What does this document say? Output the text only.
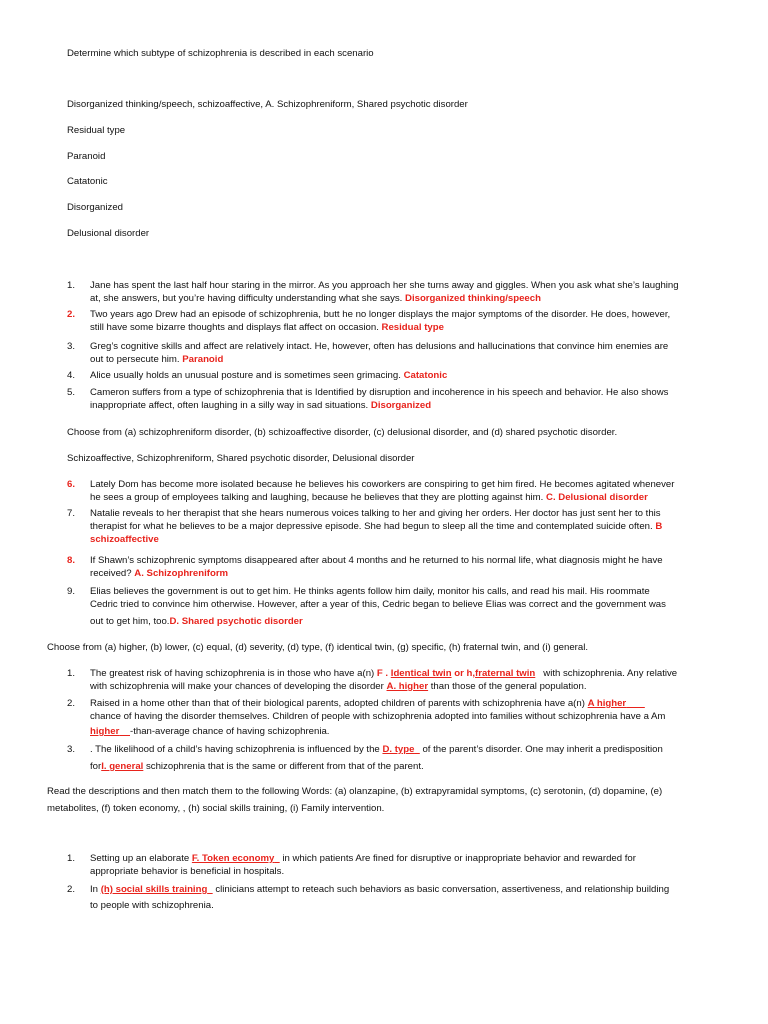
Determine which subtype of schizophrenia is described in each scenario

Disorganized thinking/speech, schizoaffective, A. Schizophreniform, Shared psychotic disorder

Residual type

Paranoid

Catatonic

Disorganized

Delusional disorder

1.	Jane has spent the last half hour staring in the mirror. As you approach her she turns away and giggles. When you ask what she’s laughing
at, she answers, but you’re having difficulty understanding what she says. Disorganized thinking/speech
2.	Two years ago Drew had an episode of schizophrenia, butt he no longer displays the major symptoms of the disorder. He does, however,
still have some bizarre thoughts and displays flat affect on occasion. Residual type
3.	Greg’s cognitive skills and affect are relatively intact. He, however, often has delusions and hallucinations that convince him enemies are
out to persecute him. Paranoid
4.	Alice usually holds an unusual posture and is sometimes seen grimacing. Catatonic
5.	Cameron suffers from a type of schizophrenia that is Identified by disruption and incoherence in his speech and behavior. He also shows
inappropriate affect, often laughing in a silly way in sad situations. Disorganized

Choose from (a) schizophreniform disorder, (b) schizoaffective disorder, (c) delusional disorder, and (d) shared psychotic disorder.

Schizoaffective, Schizophreniform, Shared psychotic disorder, Delusional disorder

6.	Lately Dom has become more isolated because he believes his coworkers are conspiring to get him fired. He becomes agitated whenever
he sees a group of employees talking and laughing, because he believes that they are plotting against him. C. Delusional disorder
7.	Natalie reveals to her therapist that she hears numerous voices talking to her and giving her orders. Her doctor has just sent her to this
therapist for what he believes to be a major depressive episode. She had begun to sleep all the time and contemplated suicide often. B
schizoaffective
8.	If Shawn’s schizophrenic symptoms disappeared after about 4 months and he returned to his normal life, what diagnosis might he have
received? A. Schizophreniform
9.	Elias believes the government is out to get him. He thinks agents follow him daily, monitor his calls, and read his mail. His roommate
Cedric tried to convince him otherwise. However, after a year of this, Cedric began to believe Elias was correct and the government was
out to get him, too.D. Shared psychotic disorder

Choose from (a) higher, (b) lower, (c) equal, (d) severity, (d) type, (f) identical twin, (g) specific, (h) fraternal twin, and (i) general.

1.	The greatest risk of having schizophrenia is in those who have a(n) F . Identical twin or h,fraternal twin with schizophrenia. Any relative
with schizophrenia will make your chances of developing the disorder A. higher than those of the general population.
2.	Raised in a home other than that of their biological parents, adopted children of parents with schizophrenia have a(n) A higher
chance of having the disorder themselves. Children of people with schizophrenia adopted into families without schizophrenia have a Am
higher -than-average chance of having schizophrenia.
3.	. The likelihood of a child’s having schizophrenia is influenced by the D. type of the parent’s disorder. One may inherit a predisposition
forI. general schizophrenia that is the same or different from that of the parent.

Read the descriptions and then match them to the following Words: (a) olanzapine, (b) extrapyramidal symptoms, (c) serotonin, (d) dopamine, (e)

metabolites, (f) token economy, , (h) social skills training, (i) Family intervention.

1.	Setting up an elaborate F. Token economy in which patients Are fined for disruptive or inappropriate behavior and rewarded for
appropriate behavior is beneficial in hospitals.
2.	In (h) social skills training clinicians attempt to reteach such behaviors as basic conversation, assertiveness, and relationship building
to people with schizophrenia.
